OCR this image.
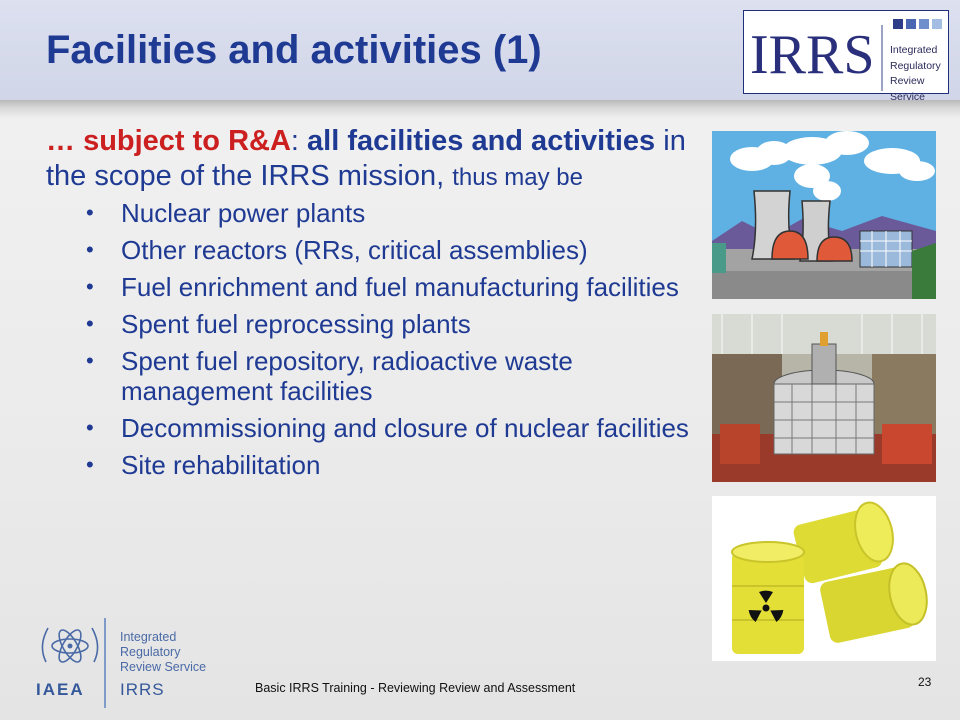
Facilities and activities (1)	IRRS Integrated
Regulatory
Review
Service

… subject to R&A: all facilities and activities in the scope of the IRRS mission, thus may be

• Nuclear power plants
• Other reactors (RRs, critical assemblies)
• Fuel enrichment and fuel manufacturing facilities
• Spent fuel reprocessing plants
• Spent fuel repository, radioactive waste management facilities
• Decommissioning and closure of nuclear facilities
• Site rehabilitation
IAEA
Integrated
Regulatory
Review Service
IRRS	Basic IRRS Training - Reviewing Review and Assessment	23
